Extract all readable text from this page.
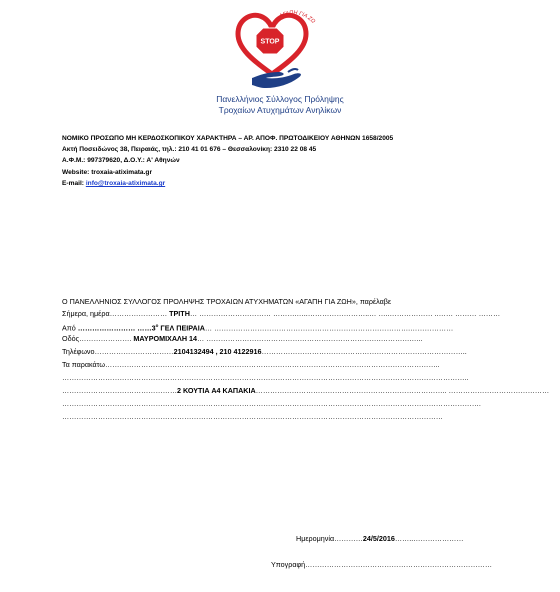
STOP
ΑΓΑΠΗ ΓΙΑ ΖΩ
Πανελλήνιος Σύλλογος Πρόληψης
Τροχαίων Ατυχημάτων Ανηλίκων
ΝΟΜΙΚΟ ΠΡΟΣΩΠΟ ΜΗ ΚΕΡΔΟΣΚΟΠΙΚΟΥ ΧΑΡΑΚΤΗΡΑ – ΑΡ. ΑΠΟΦ. ΠΡΩΤΟΔΙΚΕΙΟΥ ΑΘΗΝΩΝ 1658/2005
Ακτή Ποσειδώνος 38, Πειραιάς, τηλ.: 210 41 01 676 – Θεσσαλονίκη: 2310 22 08 45
Α.Φ.Μ.: 997379620, Δ.Ο.Υ.: Α' Αθηνών
Website: troxaia-atiximata.gr
E-mail: info@troxaia-atiximata.gr
Ο ΠΑΝΕΛΛΗΝΙΟΣ ΣΥΛΛΟΓΟΣ ΠΡΟΛΗΨΗΣ ΤΡΟΧΑΙΩΝ ΑΤΥΧΗΜΑΤΩΝ «ΑΓΑΠΗ ΓΙΑ ΖΩΗ», παρέλαβε
Σήμερα, ημέρα…………………… ΤΡΙΤΗ… ………………………… ……….…..……………………..… …..……………… ..…… ……… ………
Από …………………… $\dots\dots 3^o$ ΓΕΛ ΠΕΙΡΑΙΑ… ……………………………………………………………………….………………
Οδός…………………. ΜΑΥΡΟΜΙΧΑΛΗ 14… ……………………………………………………………….………….…..
Τηλέφωνο……………………………2104132494 , 210 4122916…………………………………………………………………………..
Τα παρακάτω…………………………………………………………………………………………………………………………..
……………………………………………………………………………………………………………………………………………………..
…………………………………………2 ΚΟΥΤΙΑ Α4 ΚΑΠΑΚΙΑ…………………………………………………………………….. ……………………………………
………………………………………………………………………………………………………………………………………………………….
……………………………………………………………………………………………………………………………………………
Ημερομηνία…………24/5/2016……..…………………
Υπογραφή……………………………………………………………………
